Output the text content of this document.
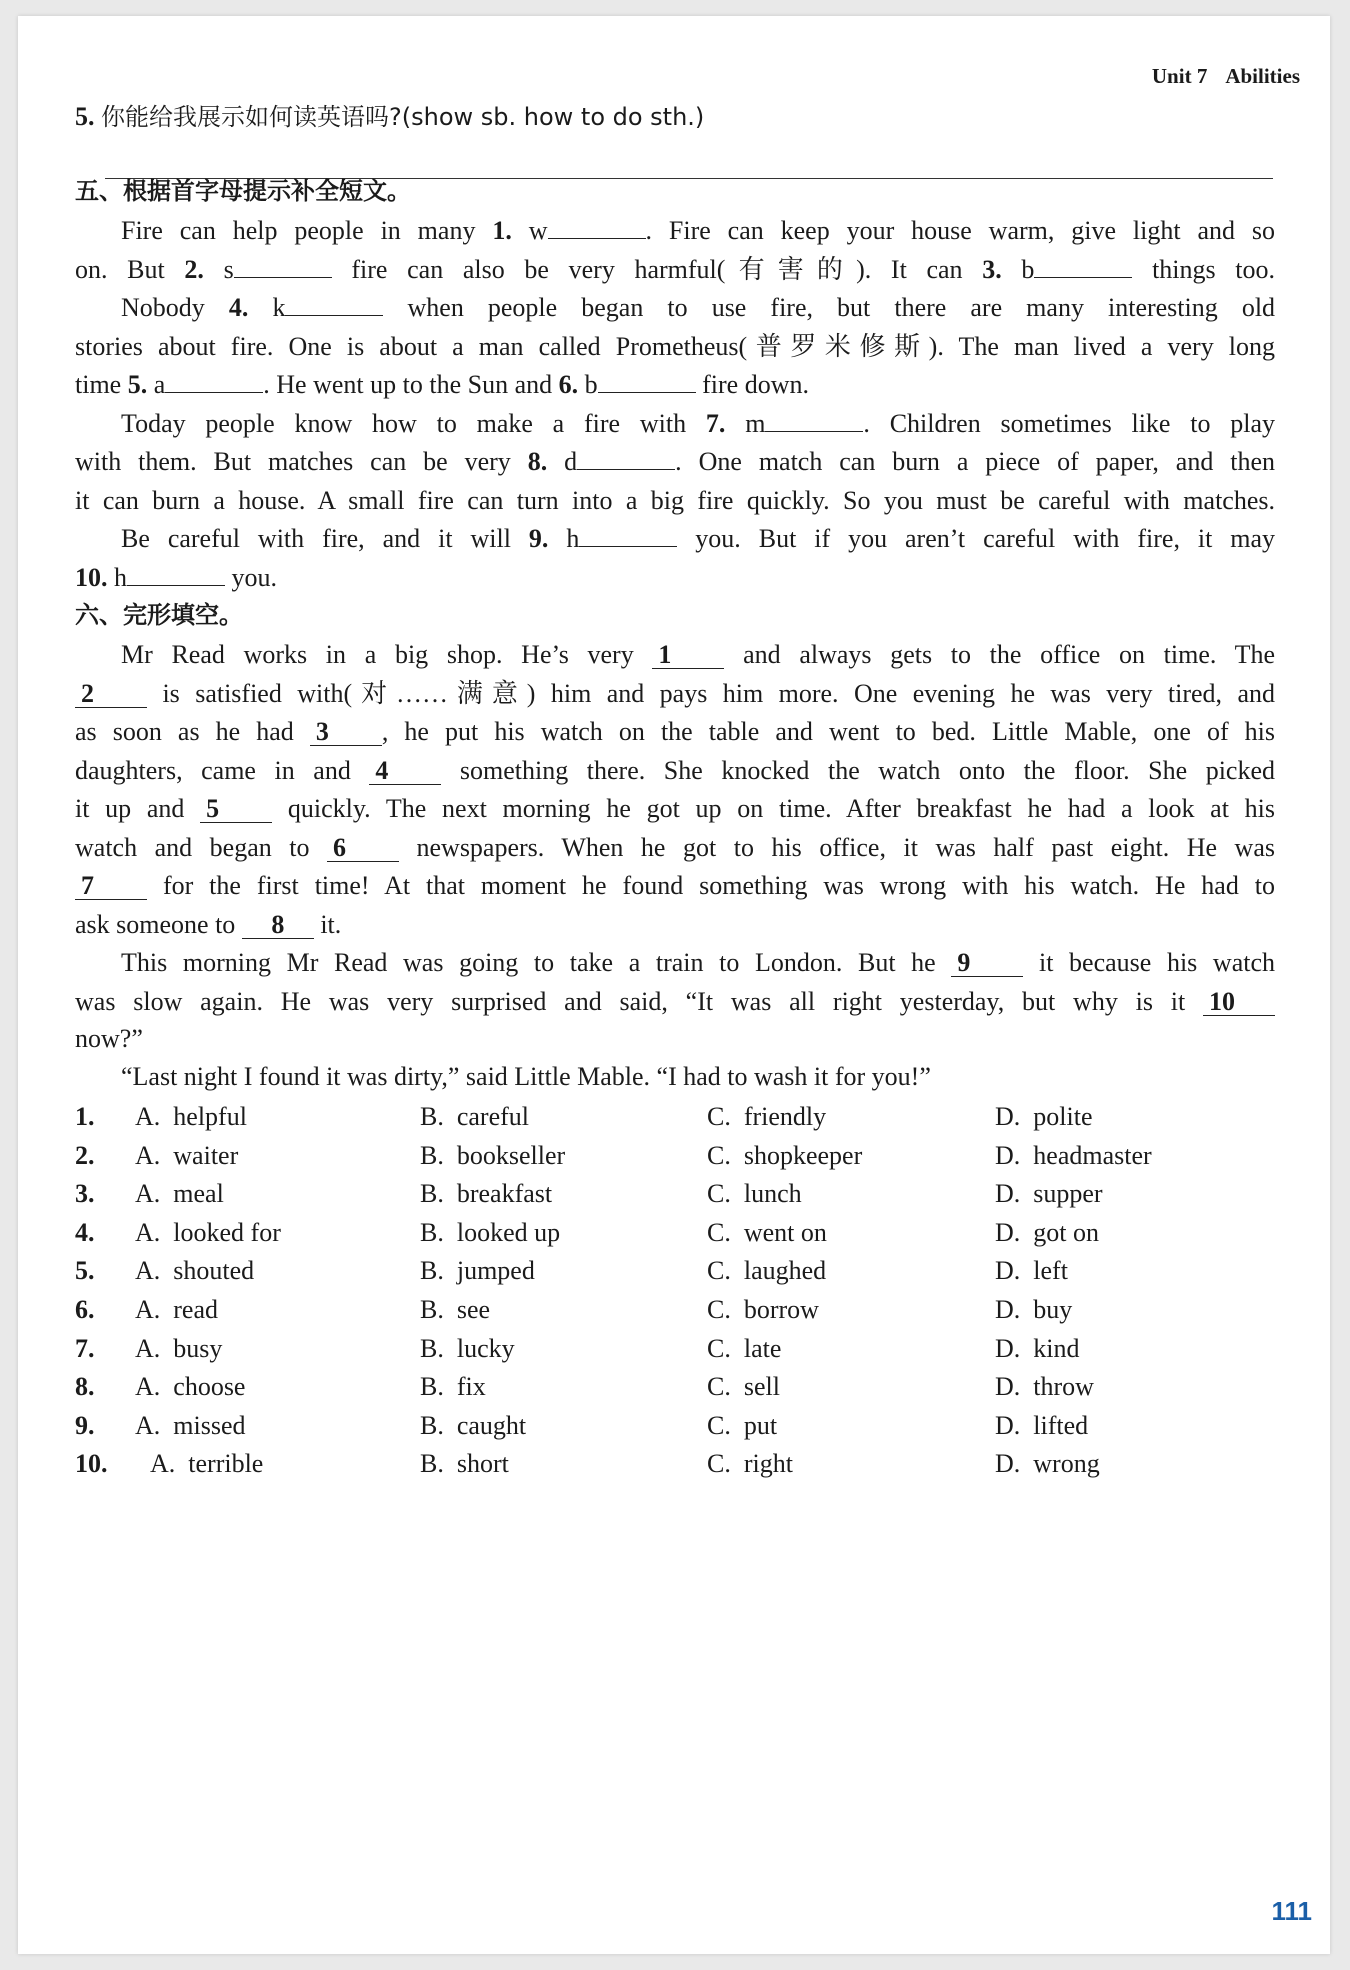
Unit 7 Abilities
5. 你能给我展示如何读英语吗?(show sb. how to do sth.)
五、根据首字母提示补全短文。
Fire can help people in many 1. w	. Fire can keep your house warm, give light and so
on. But 2. s	fire can also be very harmful(有害的). It can 3. b	things too.
Nobody 4. k	when people began to use fire, but there are many interesting old
stories about fire. One is about a man called Prometheus(普罗米修斯). The man lived a very long
time 5. a	. He went up to the Sun and 6. b	fire down.
Today people know how to make a fire with 7. m	. Children sometimes like to play
with them. But matches can be very 8. d	. One match can burn a piece of paper, and then
it can burn a house. A small fire can turn into a big fire quickly. So you must be careful with matches.
Be careful with fire, and it will 9. h	you. But if you aren’t careful with fire, it may
10. h	you.
六、完形填空。
Mr Read works in a big shop. He’s very 1	and always gets to the office on time. The
2	is satisfied with(对……满意) him and pays him more. One evening he was very tired, and
as soon as he had 3 , he put his watch on the table and went to bed. Little Mable, one of his
daughters, came in and 4	something there. She knocked the watch onto the floor. She picked
it up and 5	quickly. The next morning he got up on time. After breakfast he had a look at his
watch and began to 6	newspapers. When he got to his office, it was half past eight. He was
7	for the first time! At that moment he found something was wrong with his watch. He had to
ask someone to 8 it.
This morning Mr Read was going to take a train to London. But he 9	it because his watch
was slow again. He was very surprised and said, “It was all right yesterday, but why is it 10
now?”
“Last night I found it was dirty,” said Little Mable. “I had to wash it for you!”
1. A.  helpful	B.  careful	C.  friendly	D.  polite
2. A.  waiter	B.  bookseller	C.  shopkeeper	D.  headmaster
3. A.  meal	B.  breakfast	C.  lunch	D.  supper
4. A.  looked for	B.  looked up	C.  went on	D.  got on
5. A.  shouted	B.  jumped	C.  laughed	D.  left
6. A.  read	B.  see	C.  borrow	D.  buy
7. A.  busy	B.  lucky	C.  late	D.  kind
8. A.  choose	B.  fix	C.  sell	D.  throw
9. A.  missed	B.  caught	C.  put	D.  lifted
10. A.  terrible	B.  short	C.  right	D.  wrong
111
